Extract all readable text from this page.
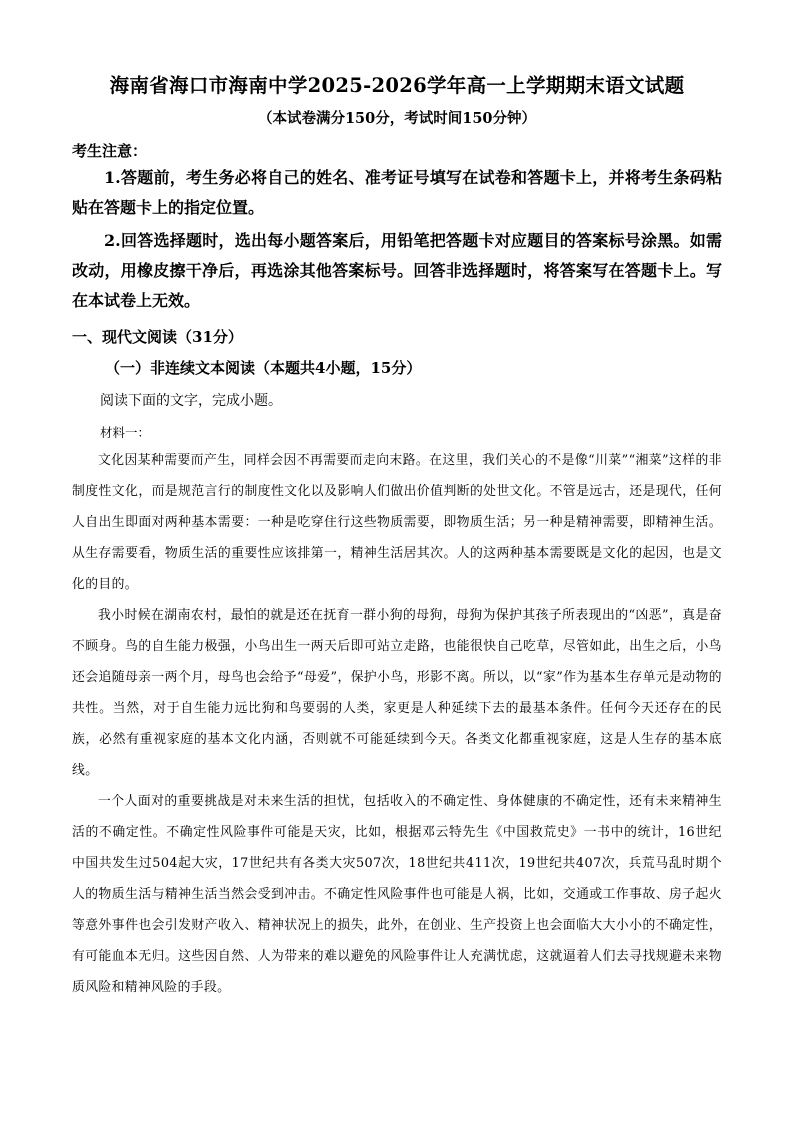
海南省海口市海南中学2025-2026学年高一上学期期末语文试题
（本试卷满分150分，考试时间150分钟）
考生注意：
1.答题前，考生务必将自己的姓名、准考证号填写在试卷和答题卡上，并将考生条码粘贴在答题卡上的指定位置。
2.回答选择题时，选出每小题答案后，用铅笔把答题卡对应题目的答案标号涂黑。如需改动，用橡皮擦干净后，再选涂其他答案标号。回答非选择题时，将答案写在答题卡上。写在本试卷上无效。
一、现代文阅读（31分）
（一）非连续文本阅读（本题共4小题，15分）
阅读下面的文字，完成小题。
材料一：
文化因某种需要而产生，同样会因不再需要而走向末路。在这里，我们关心的不是像“川菜”“湘菜”这样的非制度性文化，而是规范言行的制度性文化以及影响人们做出价值判断的处世文化。不管是远古，还是现代，任何人自出生即面对两种基本需要：一种是吃穿住行这些物质需要，即物质生活；另一种是精神需要，即精神生活。从生存需要看，物质生活的重要性应该排第一，精神生活居其次。人的这两种基本需要既是文化的起因，也是文化的目的。
我小时候在湖南农村，最怕的就是还在抚育一群小狗的母狗，母狗为保护其孩子所表现出的“凶恶”，真是奋不顾身。鸟的自生能力极强，小鸟出生一两天后即可站立走路，也能很快自己吃草，尽管如此，出生之后，小鸟还会追随母亲一两个月，母鸟也会给予“母爱”，保护小鸟，形影不离。所以，以“家”作为基本生存单元是动物的共性。当然，对于自生能力远比狗和鸟要弱的人类，家更是人种延续下去的最基本条件。任何今天还存在的民族，必然有重视家庭的基本文化内涵，否则就不可能延续到今天。各类文化都重视家庭，这是人生存的基本底线。
一个人面对的重要挑战是对未来生活的担忧，包括收入的不确定性、身体健康的不确定性，还有未来精神生活的不确定性。不确定性风险事件可能是天灾，比如，根据邓云特先生《中国救荒史》一书中的统计，16世纪中国共发生过504起大灾，17世纪共有各类大灾507次，18世纪共411次，19世纪共407次，兵荒马乱时期个人的物质生活与精神生活当然会受到冲击。不确定性风险事件也可能是人祸，比如，交通或工作事故、房子起火等意外事件也会引发财产收入、精神状况上的损失，此外，在创业、生产投资上也会面临大大小小的不确定性，有可能血本无归。这些因自然、人为带来的难以避免的风险事件让人充满忧虑，这就逼着人们去寻找规避未来物质风险和精神风险的手段。
